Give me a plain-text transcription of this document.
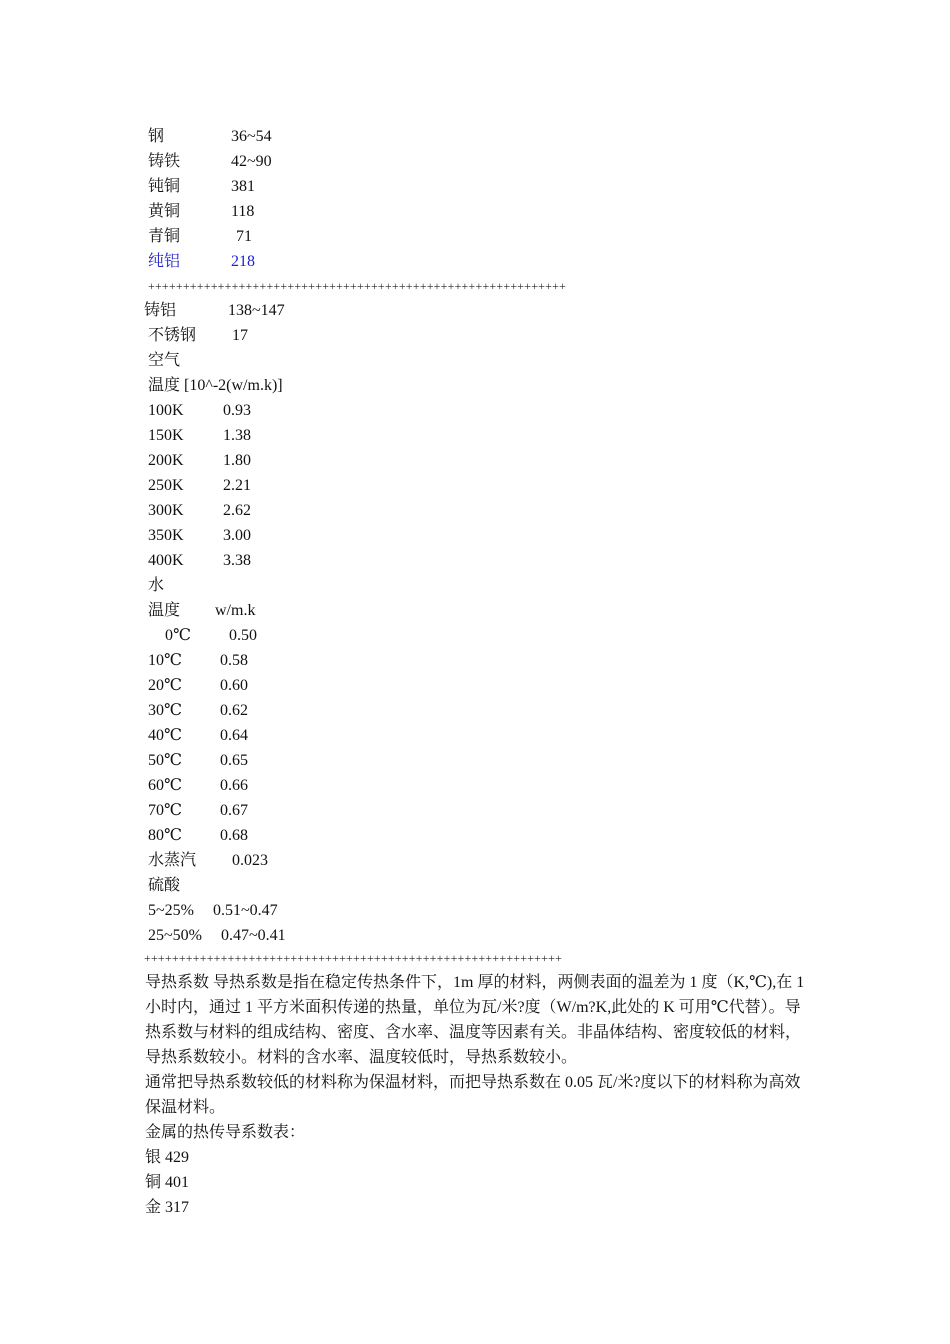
钢	36~54
铸铁	42~90
钝铜	381
黄铜	118
青铜	71
纯铝	218
++++++++++++++++++++++++++++++++++++++++++++++++++++++++++++
铸铝	138~147
不锈钢 17
空气
温度 [10^-2(w/m.k)]
100K 0.93
150K 1.38
200K 1.80
250K 2.21
300K 2.62
350K 3.00
400K 3.38
水
温度 w/m.k
0℃ 0.50
10℃ 0.58
20℃ 0.60
30℃ 0.62
40℃ 0.64
50℃ 0.65
60℃ 0.66
70℃ 0.67
80℃ 0.68
水蒸汽 0.023
硫酸
5~25% 0.51~0.47
25~50% 0.47~0.41
++++++++++++++++++++++++++++++++++++++++++++++++++++++++++++

导热系数 导热系数是指在稳定传热条件下，1m 厚的材料，两侧表面的温差为 1 度（K,℃),在 1 小时内，通过 1 平方米面积传递的热量，单位为瓦/米?度（W/m?K,此处的 K 可用℃代替）。导热系数与材料的组成结构、密度、含水率、温度等因素有关。非晶体结构、密度较低的材料，导热系数较小。材料的含水率、温度较低时，导热系数较小。

通常把导热系数较低的材料称为保温材料，而把导热系数在 0.05 瓦/米?度以下的材料称为高效保温材料。

金属的热传导系数表：

银 429

铜 401

金 317
